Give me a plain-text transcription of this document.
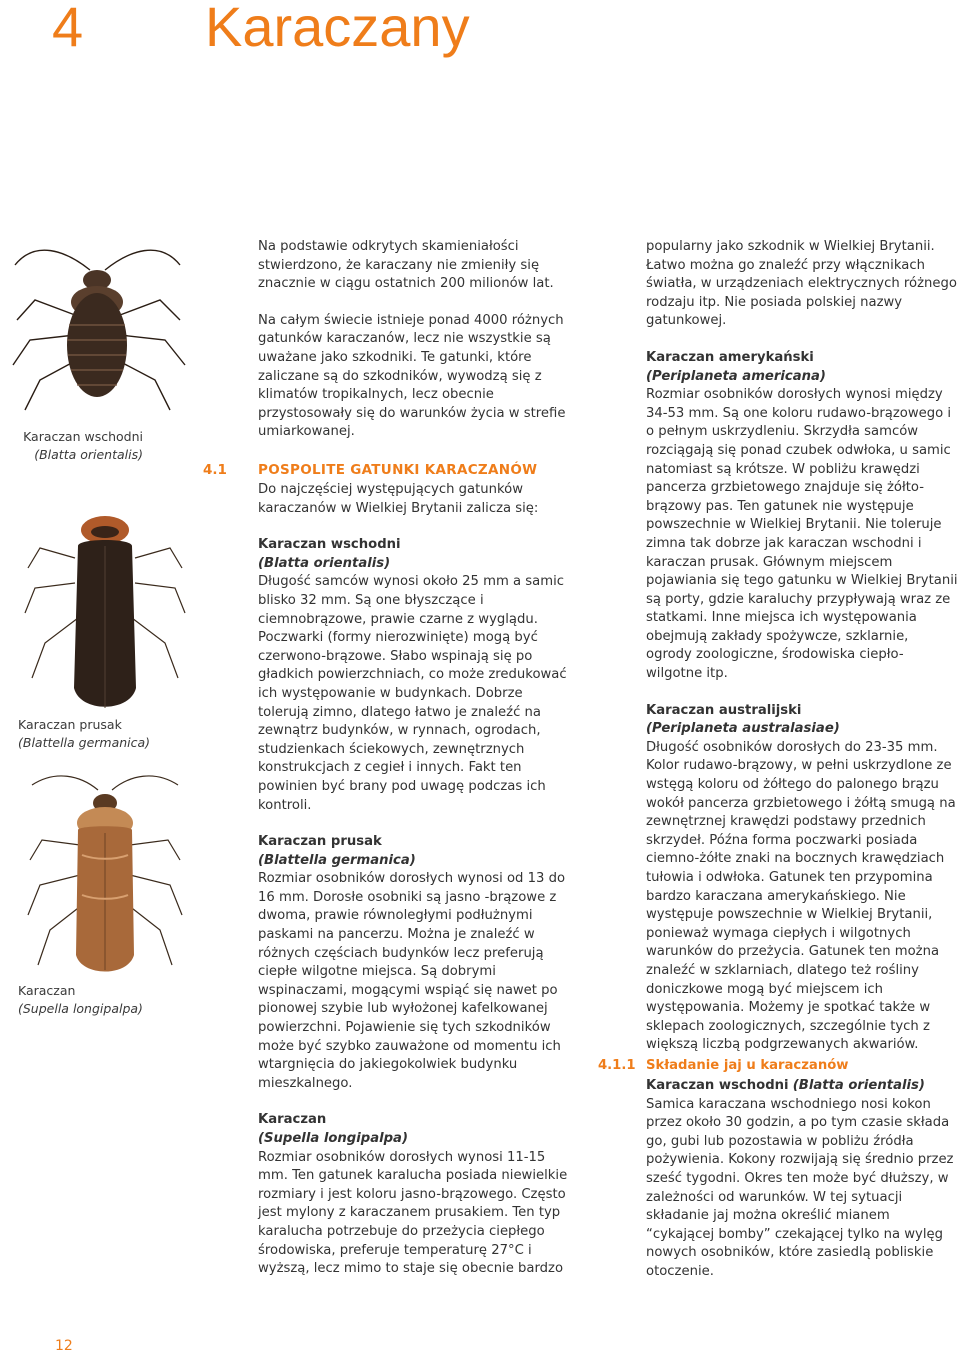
4 Karaczany
Karaczan wschodni
(Blatta orientalis)
Karaczan prusak
(Blattella germanica)
Karaczan
(Supella longipalpa)

Na podstawie odkrytych skamieniałości stwierdzono, że karaczany nie zmieniły się znacznie w ciągu ostatnich 200 milionów lat.

Na całym świecie istnieje ponad 4000 różnych gatunków karaczanów, lecz nie wszystkie są uważane jako szkodniki. Te gatunki, które zaliczane są do szkodników, wywodzą się z klimatów tropikalnych, lecz obecnie przystosowały się do warunków życia w strefie umiarkowanej.

4.1 POSPOLITE GATUNKI KARACZANÓW

Do najczęściej występujących gatunków karaczanów w Wielkiej Brytanii zalicza się:

Karaczan wschodni
(Blatta orientalis)
Długość samców wynosi około 25 mm a samic blisko 32 mm. Są one błyszczące i ciemnobrązowe, prawie czarne z wyglądu. Poczwarki (formy nierozwinięte) mogą być czerwono-brązowe. Słabo wspinają się po gładkich powierzchniach, co może zredukować ich występowanie w budynkach. Dobrze tolerują zimno, dlatego łatwo je znaleźć na zewnątrz budynków, w rynnach, ogrodach, studzienkach ściekowych, zewnętrznych konstrukcjach z cegieł i innych. Fakt ten powinien być brany pod uwagę podczas ich kontroli.

Karaczan prusak
(Blattella germanica)
Rozmiar osobników dorosłych wynosi od 13 do 16 mm. Dorosłe osobniki są jasno -brązowe z dwoma, prawie równoległymi podłużnymi paskami na pancerzu. Można je znaleźć w różnych częściach budynków lecz preferują ciepłe wilgotne miejsca. Są dobrymi wspinaczami, mogącymi wspiąć się nawet po pionowej szybie lub wyłożonej kafelkowanej powierzchni. Pojawienie się tych szkodników może być szybko zauważone od momentu ich wtargnięcia do jakiegokolwiek budynku mieszkalnego.

Karaczan
(Supella longipalpa)
Rozmiar osobników dorosłych wynosi 11-15 mm. Ten gatunek karalucha posiada niewielkie rozmiary i jest koloru jasno-brązowego. Często jest mylony z karaczanem prusakiem. Ten typ karalucha potrzebuje do przeżycia ciepłego środowiska, preferuje temperaturę 27°C i wyższą, lecz mimo to staje się obecnie bardzo

popularny jako szkodnik w Wielkiej Brytanii. Łatwo można go znaleźć przy włącznikach światła, w urządzeniach elektrycznych różnego rodzaju itp. Nie posiada polskiej nazwy gatunkowej.

Karaczan amerykański
(Periplaneta americana)
Rozmiar osobników dorosłych wynosi między 34-53 mm. Są one koloru rudawo-brązowego i o pełnym uskrzydleniu. Skrzydła samców rozciągają się ponad czubek odwłoka, u samic natomiast są krótsze. W pobliżu krawędzi pancerza grzbietowego znajduje się żółto-brązowy pas. Ten gatunek nie występuje powszechnie w Wielkiej Brytanii. Nie toleruje zimna tak dobrze jak karaczan wschodni i karaczan prusak. Głównym miejscem pojawiania się tego gatunku w Wielkiej Brytanii są porty, gdzie karaluchy przypływają wraz ze statkami. Inne miejsca ich występowania obejmują zakłady spożywcze, szklarnie, ogrody zoologiczne, środowiska ciepło-wilgotne itp.

Karaczan australijski
(Periplaneta australasiae)
Długość osobników dorosłych do 23-35 mm. Kolor rudawo-brązowy, w pełni uskrzydlone ze wstęgą koloru od żółtego do palonego brązu wokół pancerza grzbietowego i żółtą smugą na zewnętrznej krawędzi podstawy przednich skrzydeł. Późna forma poczwarki posiada ciemno-żółte znaki na bocznych krawędziach tułowia i odwłoka. Gatunek ten przypomina bardzo karaczana amerykańskiego. Nie występuje powszechnie w Wielkiej Brytanii, ponieważ wymaga ciepłych i wilgotnych warunków do przeżycia. Gatunek ten można znaleźć w szklarniach, dlatego też rośliny doniczkowe mogą być miejscem ich występowania. Możemy je spotkać także w sklepach zoologicznych, szczególnie tych z większą liczbą podgrzewanych akwariów.

4.1.1 Składanie jaj u karaczanów

Karaczan wschodni (Blatta orientalis)
Samica karaczana wschodniego nosi kokon przez około 30 godzin, a po tym czasie składa go, gubi lub pozostawia w pobliżu źródła pożywienia. Kokony rozwijają się średnio przez sześć tygodni. Okres ten może być dłuższy, w zależności od warunków. W tej sytuacji składanie jaj można określić mianem “cykającej bomby” czekającej tylko na wylęg nowych osobników, które zasiedlą pobliskie otoczenie.

12
